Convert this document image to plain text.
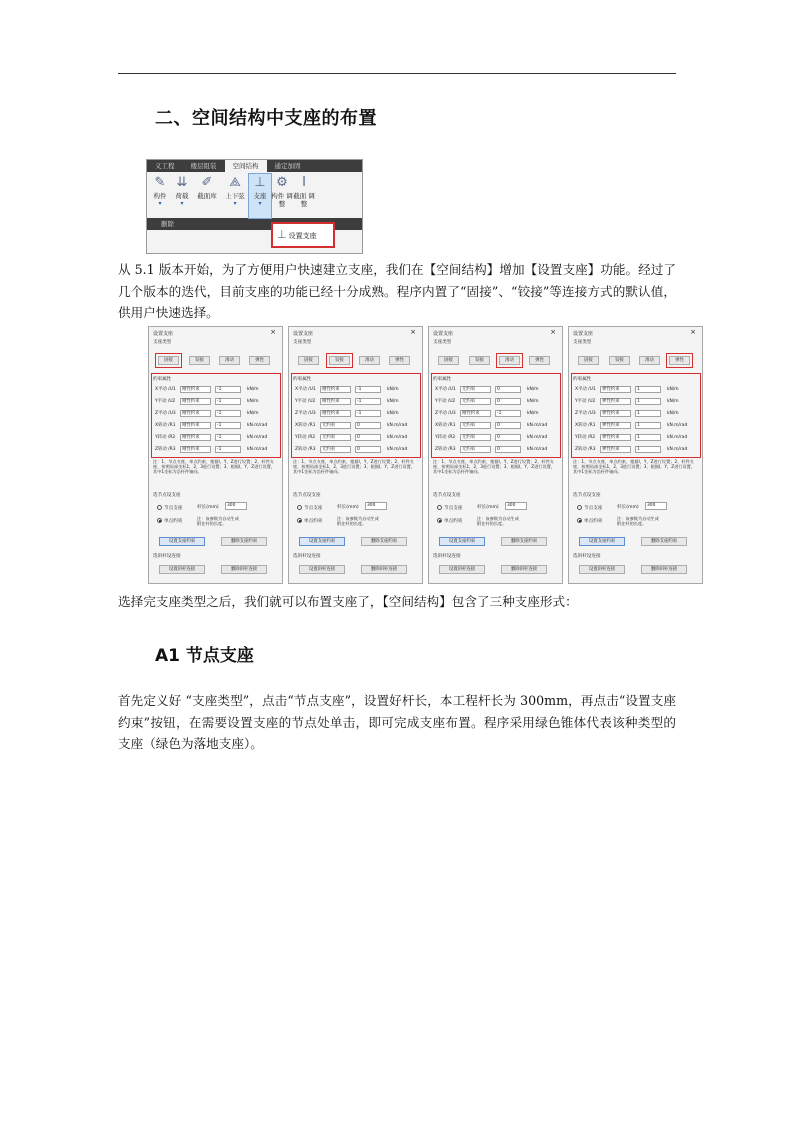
二、空间结构中支座的布置
义工程	楼层组装	空间结构	通定加固
✎
构件
▾
⇊
荷载
▾
✐
截面库
⟁
上下弦
▾
⊥
支座
▾
⚙
构件 调整
I
截面 调整
删除
⊥ 设置支座

从 5.1 版本开始，为了方便用户快速建立支座，我们在【空间结构】增加【设置支座】功能。经过了几个版本的迭代，目前支座的功能已经十分成熟。程序内置了“固接”、“铰接”等连接方式的默认值，供用户快速选择。

设置支座	×
支座类型
固接	铰接	滑动	弹性
约束属性
X平动 /U1	刚性约束	-1	kN/m
Y平动 /U2	刚性约束	-1	kN/m
Z平动 /U3	刚性约束	-1	kN/m
X转动 /R1	刚性约束	-1	kN.m/rad
Y转动 /R2	刚性约束	-1	kN.m/rad
Z转动 /R3	刚性约束	-1	kN.m/rad
注：1、节点支座，单点约束，根据I，Y，Z进行设置；2、杆件支座，按照局部坐标1，2，3进行设置；3、根据I，Y，Z进行设置，其中1坐标为沿杆件轴向。
选节点设支座
节点支座
单点约束
杆长(mm)	300
注：该参数为自动生成附住杆的长度。
设置支座约束	删除支座约束
选斜杆设连接
设置斜杆连接	删除斜杆连接
设置支座	×
支座类型
固接	铰接	滑动	弹性
约束属性
X平动 /U1	刚性约束	-1	kN/m
Y平动 /U2	刚性约束	-1	kN/m
Z平动 /U3	刚性约束	-1	kN/m
X转动 /R1	无约束	0	kN.m/rad
Y转动 /R2	无约束	0	kN.m/rad
Z转动 /R3	无约束	0	kN.m/rad
注：1、节点支座，单点约束，根据I，Y，Z进行设置；2、杆件支座，按照局部坐标1，2，3进行设置；3、根据I，Y，Z进行设置，其中1坐标为沿杆件轴向。
选节点设支座
节点支座
单点约束
杆长(mm)	300
注：该参数为自动生成附住杆的长度。
设置支座约束	删除支座约束
选斜杆设连接
设置斜杆连接	删除斜杆连接
设置支座	×
支座类型
固接	铰接	滑动	弹性
约束属性
X平动 /U1	无约束	0	kN/m
Y平动 /U2	无约束	0	kN/m
Z平动 /U3	刚性约束	-1	kN/m
X转动 /R1	无约束	0	kN.m/rad
Y转动 /R2	无约束	0	kN.m/rad
Z转动 /R3	无约束	0	kN.m/rad
注：1、节点支座，单点约束，根据I，Y，Z进行设置；2、杆件支座，按照局部坐标1，2，3进行设置；3、根据I，Y，Z进行设置，其中1坐标为沿杆件轴向。
选节点设支座
节点支座
单点约束
杆长(mm)	300
注：该参数为自动生成附住杆的长度。
设置支座约束	删除支座约束
选斜杆设连接
设置斜杆连接	删除斜杆连接
设置支座	×
支座类型
固接	铰接	滑动	弹性
约束属性
X平动 /U1	弹性约束	1	kN/m
Y平动 /U2	弹性约束	1	kN/m
Z平动 /U3	弹性约束	1	kN/m
X转动 /R1	弹性约束	1	kN.m/rad
Y转动 /R2	弹性约束	1	kN.m/rad
Z转动 /R3	弹性约束	1	kN.m/rad
注：1、节点支座，单点约束，根据I，Y，Z进行设置；2、杆件支座，按照局部坐标1，2，3进行设置；3、根据I，Y，Z进行设置，其中1坐标为沿杆件轴向。
选节点设支座
节点支座
单点约束
杆长(mm)	300
注：该参数为自动生成附住杆的长度。
设置支座约束	删除支座约束
选斜杆设连接
设置斜杆连接	删除斜杆连接

选择完支座类型之后，我们就可以布置支座了，【空间结构】包含了三种支座形式：

A1 节点支座

首先定义好 “支座类型”，点击“节点支座”，设置好杆长，本工程杆长为 300mm，再点击“设置支座约束”按钮，在需要设置支座的节点处单击，即可完成支座布置。程序采用绿色锥体代表该种类型的支座（绿色为落地支座）。
